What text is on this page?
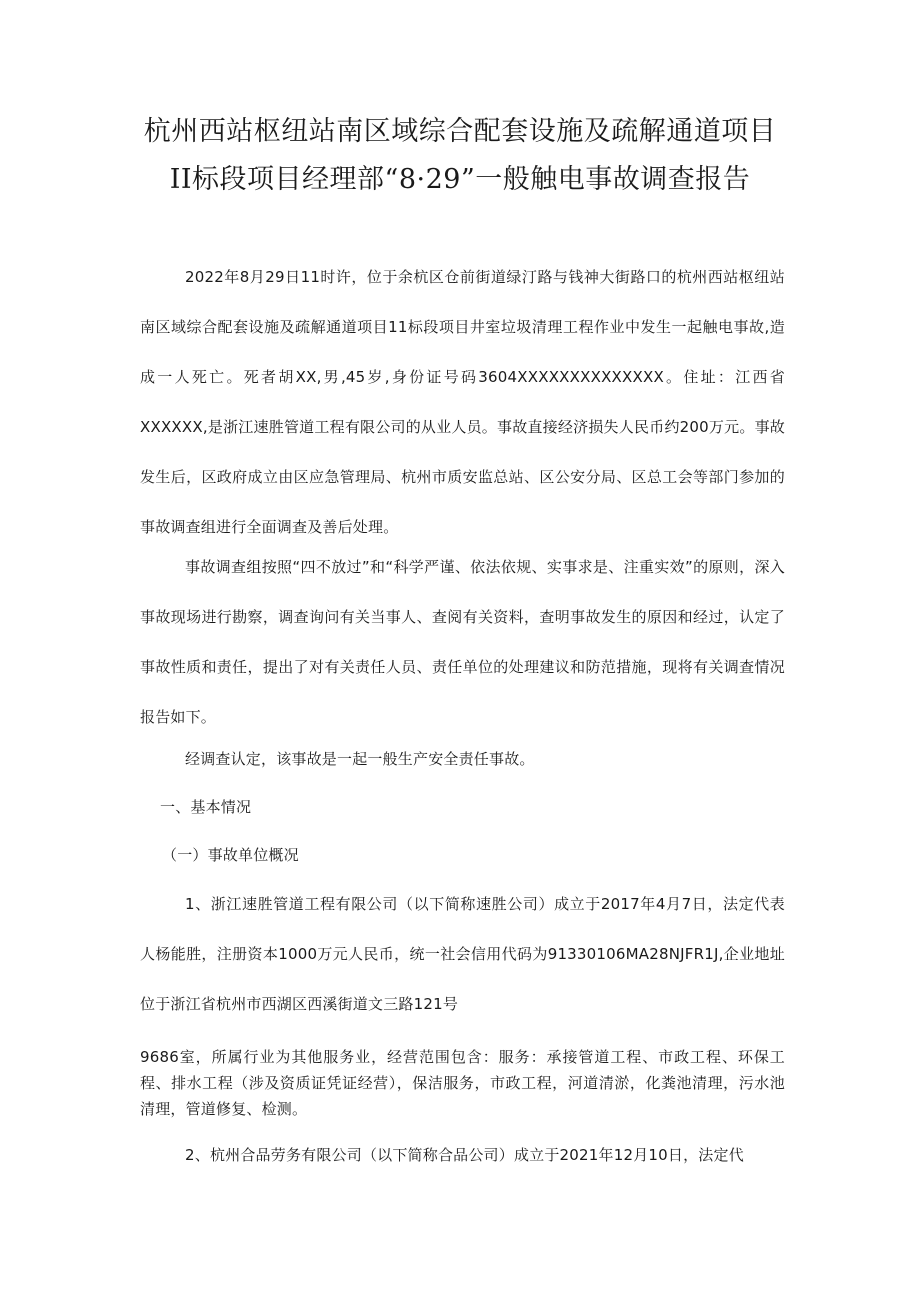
杭州西站枢纽站南区域综合配套设施及疏解通道项目II标段项目经理部“8·29”一般触电事故调查报告

2022年8月29日11时许，位于余杭区仓前街道绿汀路与钱神大街路口的杭州西站枢纽站南区域综合配套设施及疏解通道项目11标段项目井室垃圾清理工程作业中发生一起触电事故,造成一人死亡。死者胡XX,男,45岁,身份证号码3604XXXXXXXXXXXXXX。住址：江西省XXXXXX,是浙江速胜管道工程有限公司的从业人员。事故直接经济损失人民币约200万元。事故发生后，区政府成立由区应急管理局、杭州市质安监总站、区公安分局、区总工会等部门参加的事故调查组进行全面调查及善后处理。

事故调查组按照“四不放过”和“科学严谨、依法依规、实事求是、注重实效”的原则，深入事故现场进行勘察，调查询问有关当事人、查阅有关资料，查明事故发生的原因和经过，认定了事故性质和责任，提出了对有关责任人员、责任单位的处理建议和防范措施，现将有关调查情况报告如下。

经调查认定，该事故是一起一般生产安全责任事故。

一、基本情况

（一）事故单位概况

1、浙江速胜管道工程有限公司（以下简称速胜公司）成立于2017年4月7日，法定代表人杨能胜，注册资本1000万元人民币，统一社会信用代码为91330106MA28NJFR1J,企业地址位于浙江省杭州市西湖区西溪街道文三路121号

9686室，所属行业为其他服务业，经营范围包含：服务：承接管道工程、市政工程、环保工程、排水工程（涉及资质证凭证经营），保洁服务，市政工程，河道清淤，化粪池清理，污水池清理，管道修复、检测。

2、杭州合品劳务有限公司（以下简称合品公司）成立于2021年12月10日，法定代
